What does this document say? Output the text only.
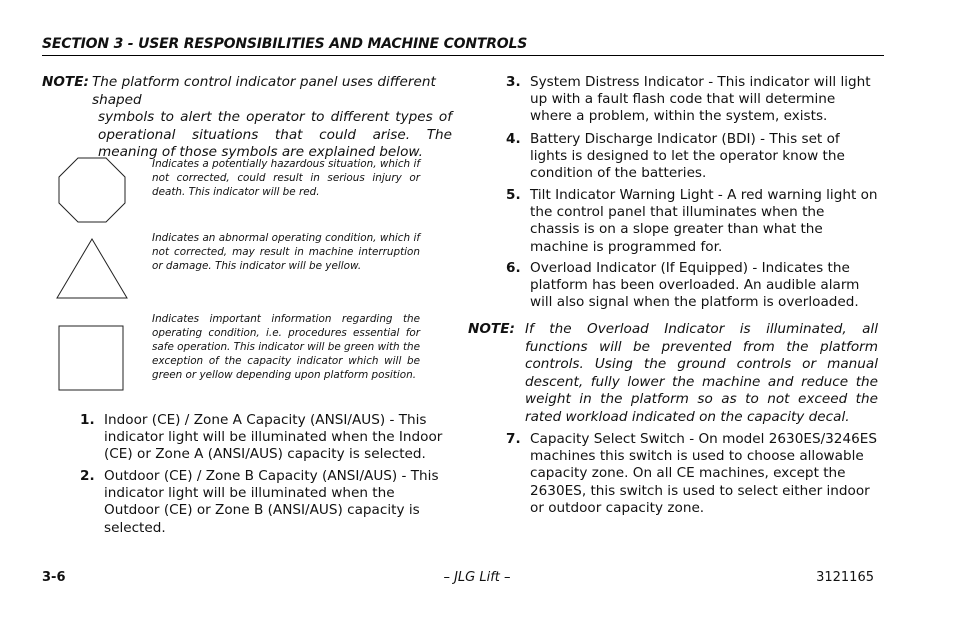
SECTION 3 - USER RESPONSIBILITIES AND MACHINE CONTROLS
NOTE: The platform control indicator panel uses different shaped
symbols to alert the operator to different types of operational situations that could arise. The meaning of those symbols are explained below.
Indicates a potentially hazardous situation, which if not corrected, could result in serious injury or death. This indicator will be red.
Indicates an abnormal operating condition, which if not corrected, may result in machine interruption or damage. This indicator will be yellow.
Indicates important information regarding the operating condition, i.e. procedures essential for safe operation. This indicator will be green with the exception of the capacity indicator which will be green or yellow depending upon platform position.
1. Indoor (CE) / Zone A Capacity (ANSI/AUS) - This indicator light will be illuminated when the Indoor (CE) or Zone A (ANSI/AUS) capacity is selected.
2. Outdoor (CE) / Zone B Capacity (ANSI/AUS) - This indicator light will be illuminated when the Outdoor (CE) or Zone B (ANSI/AUS) capacity is selected.
3. System Distress Indicator - This indicator will light up with a fault flash code that will determine where a problem, within the system, exists.
4. Battery Discharge Indicator (BDI) - This set of lights is designed to let the operator know the condition of the batteries.
5. Tilt Indicator Warning Light - A red warning light on the control panel that illuminates when the chassis is on a slope greater than what the machine is programmed for.
6. Overload Indicator (If Equipped) - Indicates the platform has been overloaded. An audible alarm will also signal when the platform is overloaded.
NOTE: If the Overload Indicator is illuminated, all functions will be prevented from the platform controls. Using the ground controls or manual descent, fully lower the machine and reduce the weight in the platform so as to not exceed the rated workload indicated on the capacity decal.
7. Capacity Select Switch - On model 2630ES/3246ES machines this switch is used to choose allowable capacity zone. On all CE machines, except the 2630ES, this switch is used to select either indoor or outdoor capacity zone.
3-6	– JLG Lift –	3121165
